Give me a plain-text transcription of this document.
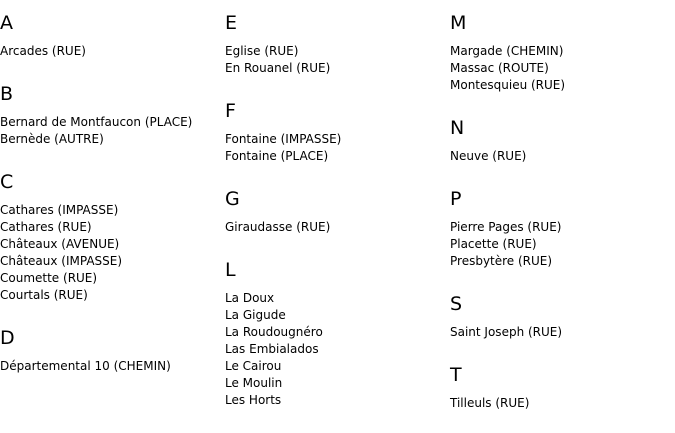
A
Arcades (RUE)
B
Bernard de Montfaucon (PLACE)
Bernède (AUTRE)
C
Cathares (IMPASSE)
Cathares (RUE)
Châteaux (AVENUE)
Châteaux (IMPASSE)
Coumette (RUE)
Courtals (RUE)
D
Départemental 10 (CHEMIN)
E
Eglise (RUE)
En Rouanel (RUE)
F
Fontaine (IMPASSE)
Fontaine (PLACE)
G
Giraudasse (RUE)
L
La Doux
La Gigude
La Roudougnéro
Las Embialados
Le Cairou
Le Moulin
Les Horts
M
Margade (CHEMIN)
Massac (ROUTE)
Montesquieu (RUE)
N
Neuve (RUE)
P
Pierre Pages (RUE)
Placette (RUE)
Presbytère (RUE)
S
Saint Joseph (RUE)
T
Tilleuls (RUE)
